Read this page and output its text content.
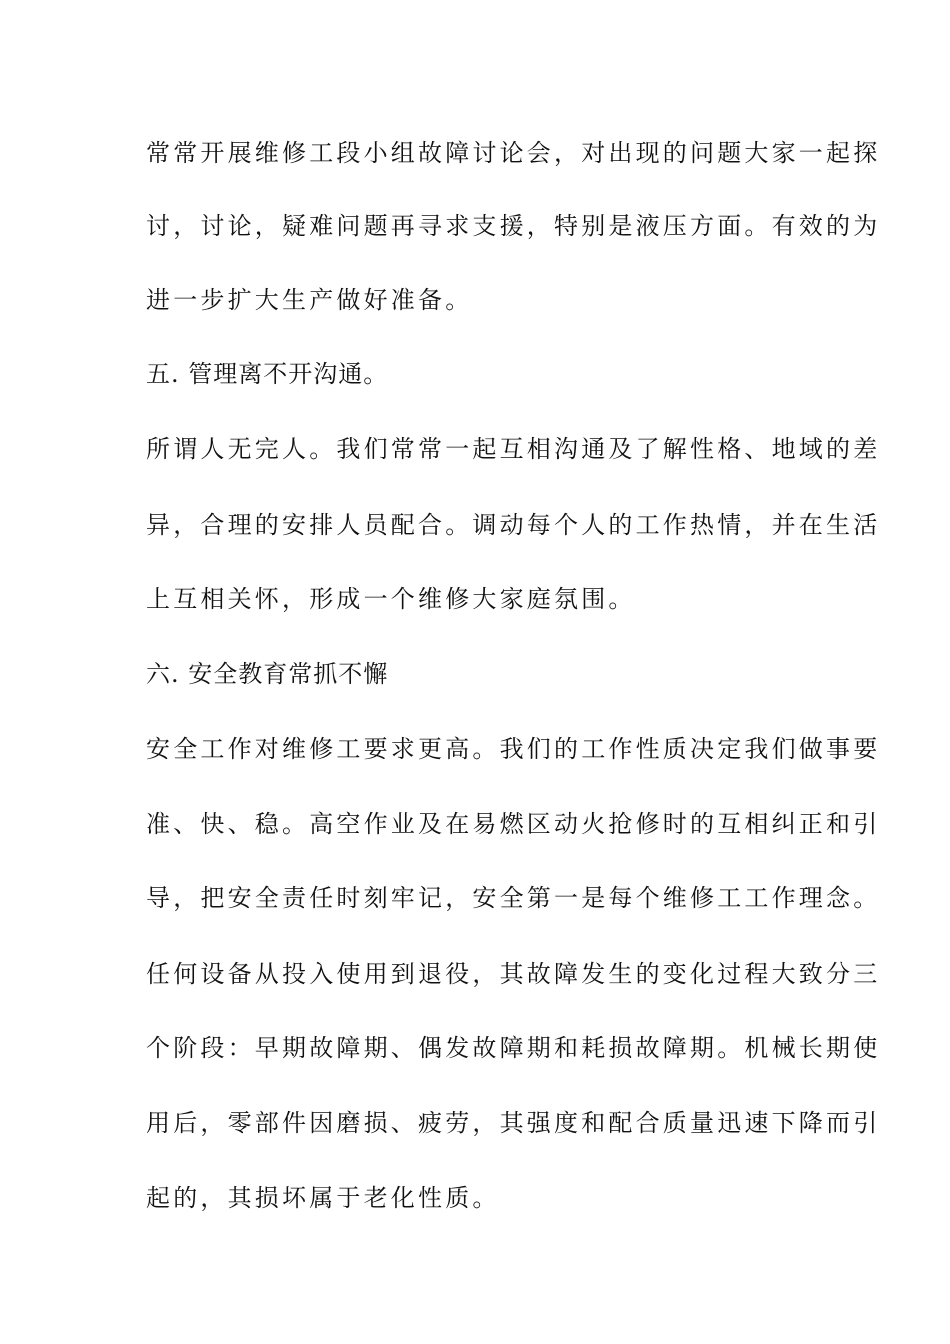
常常开展维修工段小组故障讨论会，对出现的问题大家一起探
讨，讨论，疑难问题再寻求支援，特别是液压方面。有效的为
进一步扩大生产做好准备。
五. 管理离不开沟通。
所谓人无完人。我们常常一起互相沟通及了解性格、地域的差
异，合理的安排人员配合。调动每个人的工作热情，并在生活
上互相关怀，形成一个维修大家庭氛围。
六. 安全教育常抓不懈
安全工作对维修工要求更高。我们的工作性质决定我们做事要
准、快、稳。高空作业及在易燃区动火抢修时的互相纠正和引
导，把安全责任时刻牢记，安全第一是每个维修工工作理念。
任何设备从投入使用到退役，其故障发生的变化过程大致分三
个阶段：早期故障期、偶发故障期和耗损故障期。机械长期使
用后，零部件因磨损、疲劳，其强度和配合质量迅速下降而引
起的，其损坏属于老化性质。
